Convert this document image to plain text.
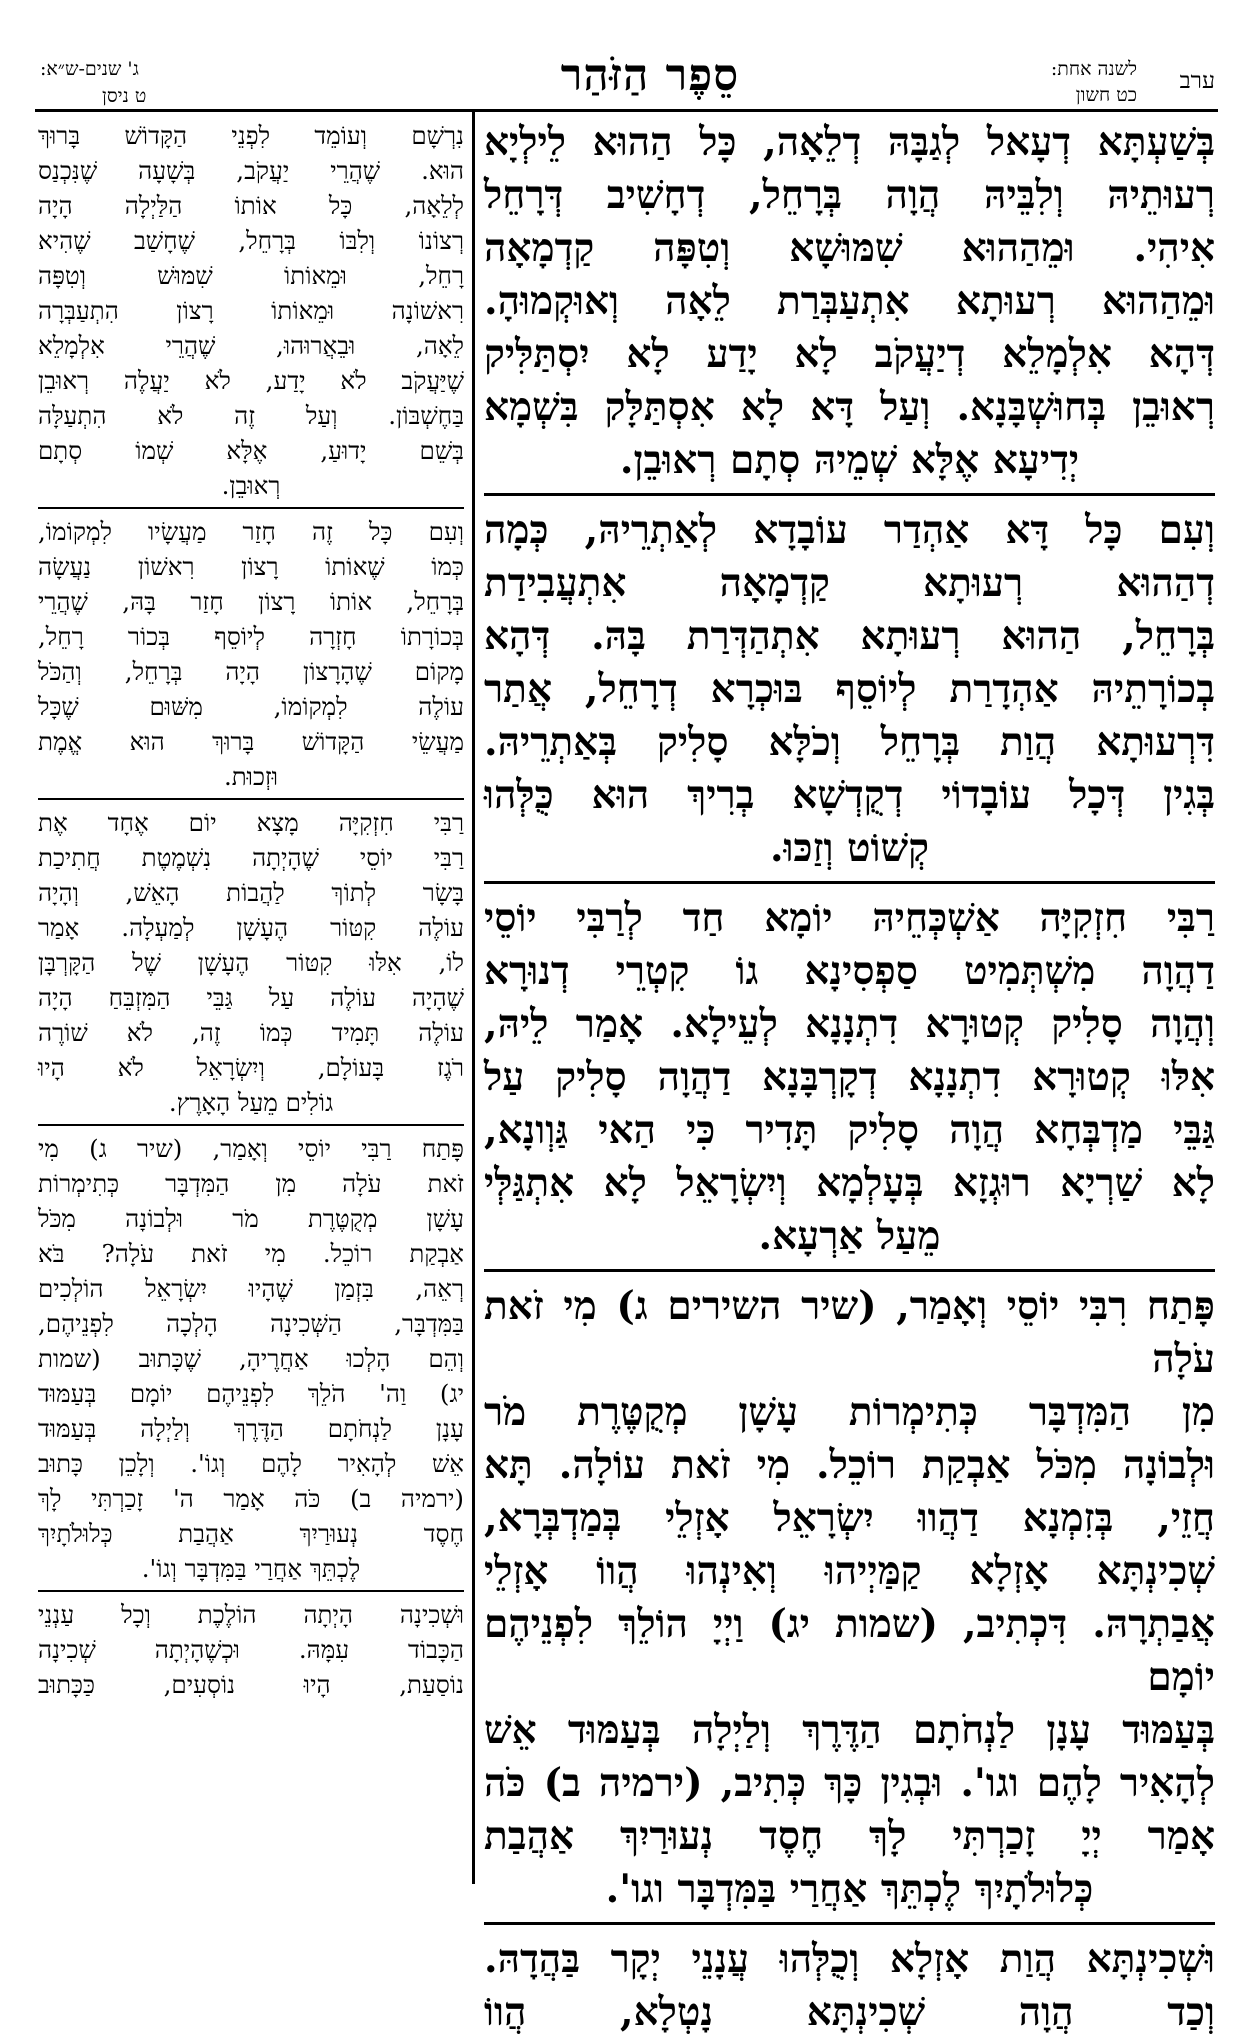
ערב
לשנה אחת:
כט חשון
סֵפֶר הַזֹּהַר
ג' שנים-ש״א:
ט ניסן

בְּשַׁעְתָּא דְעָאל לְגַבָּהּ דְלֵאָה, כָּל הַהוּא לֵילְיָא

רְעוּתֵיהּ וְלִבֵּיהּ הֲוָה בְּרָחֵל, דְחָשִׁיב דְּרָחֵל

אִיהִי. וּמֵהַהוּא שִׁמּוּשָׁא וְטִפָּה קַדְמָאָה

וּמֵהַהוּא רְעוּתָא אִתְעַבְּרַת לֵאָה וְאוּקְמוּהָ.

דְּהָא אִלְמָלֵא דְיַעֲקֹב לָא יָדַע לָא יִסְתַּלִּיק

רְאוּבֵן בְּחוּשְׁבָּנָא. וְעַל דָּא לָא אִסְתַּלָּק בִּשְׁמָא

יְדִיעָא אֶלָּא שְׁמֵיהּ סְתָם רְאוּבֵן.

וְעִם כָּל דָּא אַהְדַר עוֹבָדָא לְאַתְרֵיהּ, כְּמָה

דְהַהוּא רְעוּתָא קַדְמָאָה אִתְעֲבִידַת

בְּרָחֵל, הַהוּא רְעוּתָא אִתְהַדְּרַת בָּהּ. דְּהָא

בְכוֹרָתֵיהּ אַהְדָרַת לְיוֹסֵף בּוּכְרָא דְרָחֵל, אֲתַר

דִּרְעוּתָא הֲוַת בְּרָחֵל וְכֹלָּא סָלִיק בְּאַתְרֵיהּ.

בְּגִין דְּכָל עוֹבָדוֹי דְקֻדְשָׁא בְרִיךְ הוּא כֻּלְּהוּ

קְשׁוֹט וְזַכּוּ.

רַבִּי חִזְקִיָּה אַשְׁכְּחֵיהּ יוֹמָא חַד לְרַבִּי יוֹסֵי

דַהֲוָה מִשְׁתְּמִיט סַפְסִינָא גוֹ קִטְרֵי דְנוּרָא

וְהֲוָה סָלִיק קְטוּרָא דִתְנָנָא לְעֵילָא. אָמַר לֵיהּ,

אִלּוּ קְטוּרָא דִתְנָנָא דְקָרְבָּנָא דַהֲוָה סָלִיק עַל

גַּבֵּי מַדְבְּחָא הֲוָה סָלִיק תָּדִיר כִּי הַאי גַּוְונָא,

לָא שַׁרְיָא רוּגְזָא בְּעָלְמָא וְיִשְׂרָאֵל לָא אִתְגַּלְּי

מֵעַל אַרְעָא.

פָּתַח רִבִּי יוֹסֵי וְאָמַר, (שיר השירים ג) מִי זֹאת עֹלָה

מִן הַמִּדְבָּר כְּתִימְרוֹת עָשָׁן מְקֻטֶּרֶת מֹר

וּלְבוֹנָה מִכֹּל אַבְקַת רוֹכֵל. מִי זֹאת עוֹלָה. תָּא

חֲזֵי, בְּזִמְנָא דַהֲווּ יִשְׂרָאֵל אָזְלֵי בְּמַדְבְּרָא,

שְׁכִינְתָּא אָזְלָא קַמַּיְיהוּ וְאִינְהוּ הֲווֹ אָזְלֵי

אֲבַתְרָהּ. דִּכְתִיב, (שמות יג) וַיְיָ הוֹלֵךְ לִפְנֵיהֶם יוֹמָם

בְּעַמּוּד עָנָן לַנְחֹתָם הַדֶּרֶךְ וְלַיְלָה בְּעַמּוּד אֵשׁ

לְהָאִיר לָהֶם וגו'. וּבְגִין כָּךְ כְּתִיב, (ירמיה ב) כֹּה

אָמַר יְיָ זָכַרְתִּי לָךְ חֶסֶד נְעוּרַיִךְ אַהֲבַת

כְּלוּלֹתָיִךְ לֶכְתֵּךְ אַחֲרַי בַּמִּדְבָּר וגו'.

וּשְׁכִינְתָּא הֲוַת אָזְלָא וְכֻלְּהוּ עֲנָנֵי יְקָר בַּהֲדָהּ.

וְכַד הֲוָה שְׁכִינְתָּא נָטְלָא, הֲווֹ

נִרְשָׁם וְעוֹמֵד לִפְנֵי הַקָּדוֹשׁ בָּרוּךְ

הוּא. שֶׁהֲרֵי יַעֲקֹב, בְּשָׁעָה שֶׁנִּכְנַס

לְלֵאָה, כָּל אוֹתוֹ הַלַּיְלָה הָיָה

רְצוֹנוֹ וְלִבּוֹ בְּרָחֵל, שֶׁחָשַׁב שֶׁהִיא

רָחֵל, וּמֵאוֹתוֹ שִׁמּוּשׁ וְטִפָּה

רִאשׁוֹנָה וּמֵאוֹתוֹ רָצוֹן הִתְעַבְּרָה

לֵאָה, וּבֵאֲרוּהוּ, שֶׁהֲרֵי אִלְמָלֵא

שֶׁיַּעֲקֹב לֹא יָדַע, לֹא יַעֲלֶה רְאוּבֵן

בַּחֶשְׁבּוֹן. וְעַל זֶה לֹא הִתְעַלָּה

בְּשֵׁם יָדוּעַ, אֶלָּא שְׁמוֹ סְתָם

רְאוּבֵן.

וְעִם כָּל זֶה חָזַר מַעֲשָׂיו לִמְקוֹמוֹ,

כְּמוֹ שֶׁאוֹתוֹ רָצוֹן רִאשׁוֹן נַעֲשָׂה

בְּרָחֵל, אוֹתוֹ רָצוֹן חָזַר בָּהּ, שֶׁהֲרֵי

בְּכוֹרָתוֹ חָזְרָה לְיוֹסֵף בְּכוֹר רָחֵל,

מָקוֹם שֶׁהָרָצוֹן הָיָה בְּרָחֵל, וְהַכֹּל

עוֹלֶה לִמְקוֹמוֹ, מִשּׁוּם שֶׁכָּל

מַעֲשֵׂי הַקָּדוֹשׁ בָּרוּךְ הוּא אֱמֶת

וּזְכוּת.

רַבִּי חִזְקִיָּה מָצָא יוֹם אֶחָד אֶת

רַבִּי יוֹסֵי שֶׁהָיְתָה נִשְׁמֶטֶת חֲתִיכַת

בָּשָׂר לְתוֹךְ לַהֲבוֹת הָאֵשׁ, וְהָיָה

עוֹלֶה קִטּוֹר הֶעָשָׁן לְמַעְלָה. אָמַר

לוֹ, אִלּוּ קִטּוֹר הֶעָשָׁן שֶׁל הַקָּרְבָּן

שֶׁהָיָה עוֹלֶה עַל גַּבֵּי הַמִּזְבֵּחַ הָיָה

עוֹלֶה תָּמִיד כְּמוֹ זֶה, לֹא שׁוֹרֶה

רֹגֶז בָּעוֹלָם, וְיִשְׂרָאֵל לֹא הָיוּ

גוֹלִים מֵעַל הָאָרֶץ.

פָּתַח רַבִּי יוֹסֵי וְאָמַר, (שיר ג) מִי

זֹאת עֹלָה מִן הַמִּדְבָּר כְּתִימְרוֹת

עָשָׁן מְקֻטֶּרֶת מֹר וּלְבוֹנָה מִכֹּל

אַבְקַת רוֹכֵל. מִי זֹאת עֹלָה? בֹּא

רְאֵה, בִּזְמַן שֶׁהָיוּ יִשְׂרָאֵל הוֹלְכִים

בַּמִּדְבָּר, הַשְּׁכִינָה הָלְכָה לִפְנֵיהֶם,

וְהֵם הָלְכוּ אַחֲרֶיהָ, שֶׁכָּתוּב (שמות

יג) וַה' הֹלֵךְ לִפְנֵיהֶם יוֹמָם בְּעַמּוּד

עָנָן לַנְחֹתָם הַדֶּרֶךְ וְלַיְלָה בְּעַמּוּד

אֵשׁ לְהָאִיר לָהֶם וְגוֹ'. וְלָכֵן כָּתוּב

(ירמיה ב) כֹּה אָמַר ה' זָכַרְתִּי לָךְ

חֶסֶד נְעוּרַיִךְ אַהֲבַת כְּלוּלֹתָיִךְ

לֶכְתֵּךְ אַחֲרַי בַּמִּדְבָּר וְגוֹ'.

וּשְׁכִינָה הָיְתָה הוֹלֶכֶת וְכָל עַנְנֵי

הַכָּבוֹד עִמָּהּ. וּכְשֶׁהָיְתָה שְׁכִינָה

נוֹסַעַת, הָיוּ נוֹסְעִים, כַּכָּתוּב
